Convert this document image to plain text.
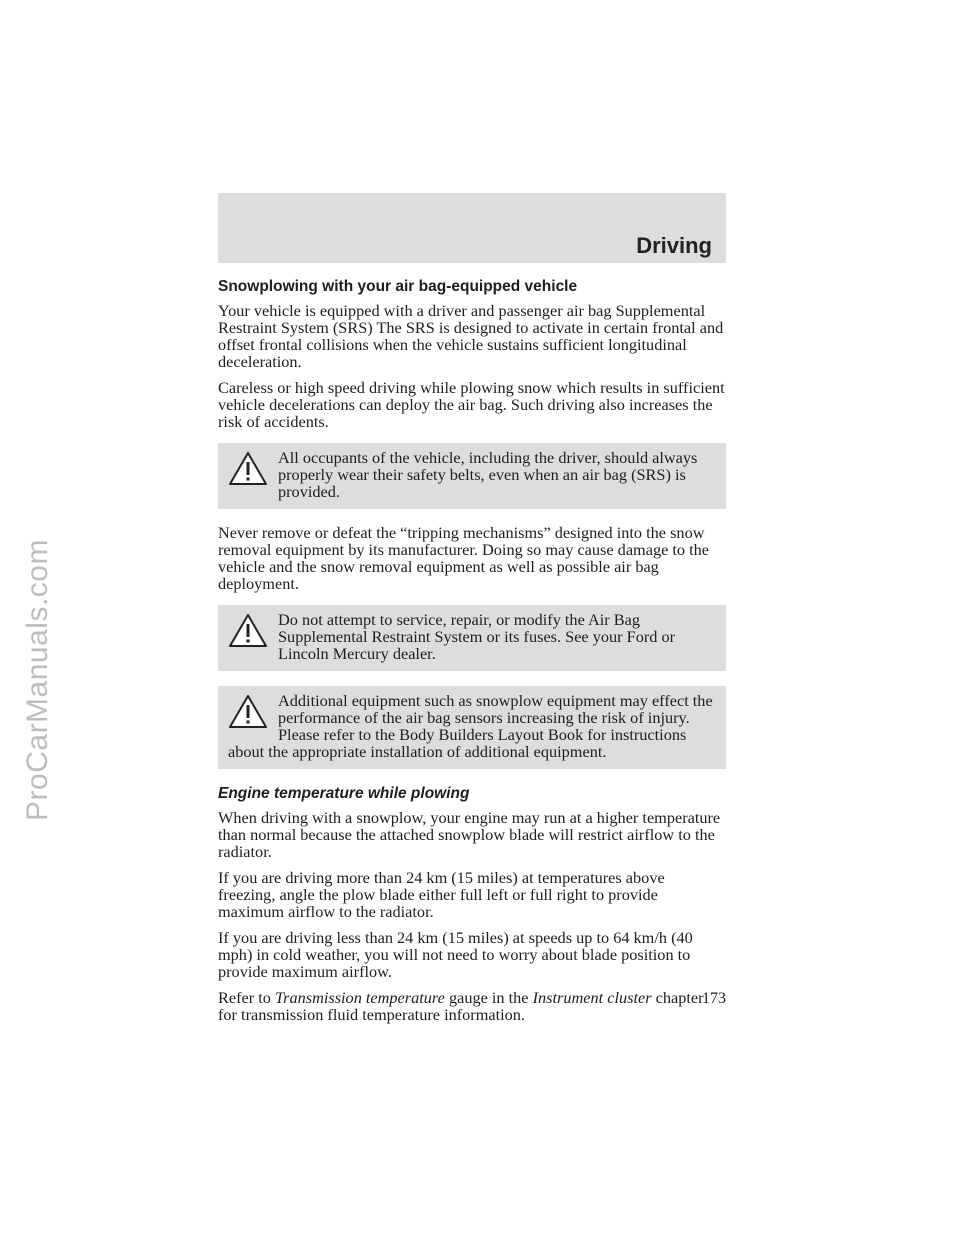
ProCarManuals.com
Driving
Snowplowing with your air bag-equipped vehicle

Your vehicle is equipped with a driver and passenger air bag Supplemental Restraint System (SRS) The SRS is designed to activate in certain frontal and offset frontal collisions when the vehicle sustains sufficient longitudinal deceleration.

Careless or high speed driving while plowing snow which results in sufficient vehicle decelerations can deploy the air bag. Such driving also increases the risk of accidents.

All occupants of the vehicle, including the driver, should always properly wear their safety belts, even when an air bag (SRS) is provided.

Never remove or defeat the “tripping mechanisms” designed into the snow removal equipment by its manufacturer. Doing so may cause damage to the vehicle and the snow removal equipment as well as possible air bag deployment.

Do not attempt to service, repair, or modify the Air Bag Supplemental Restraint System or its fuses. See your Ford or Lincoln Mercury dealer.

Additional equipment such as snowplow equipment may effect the performance of the air bag sensors increasing the risk of injury. Please refer to the Body Builders Layout Book for instructions about the appropriate installation of additional equipment.

Engine temperature while plowing

When driving with a snowplow, your engine may run at a higher temperature than normal because the attached snowplow blade will restrict airflow to the radiator.

If you are driving more than 24 km (15 miles) at temperatures above freezing, angle the plow blade either full left or full right to provide maximum airflow to the radiator.

If you are driving less than 24 km (15 miles) at speeds up to 64 km/h (40 mph) in cold weather, you will not need to worry about blade position to provide maximum airflow.

Refer to Transmission temperature gauge in the Instrument cluster chapter for transmission fluid temperature information.

173
